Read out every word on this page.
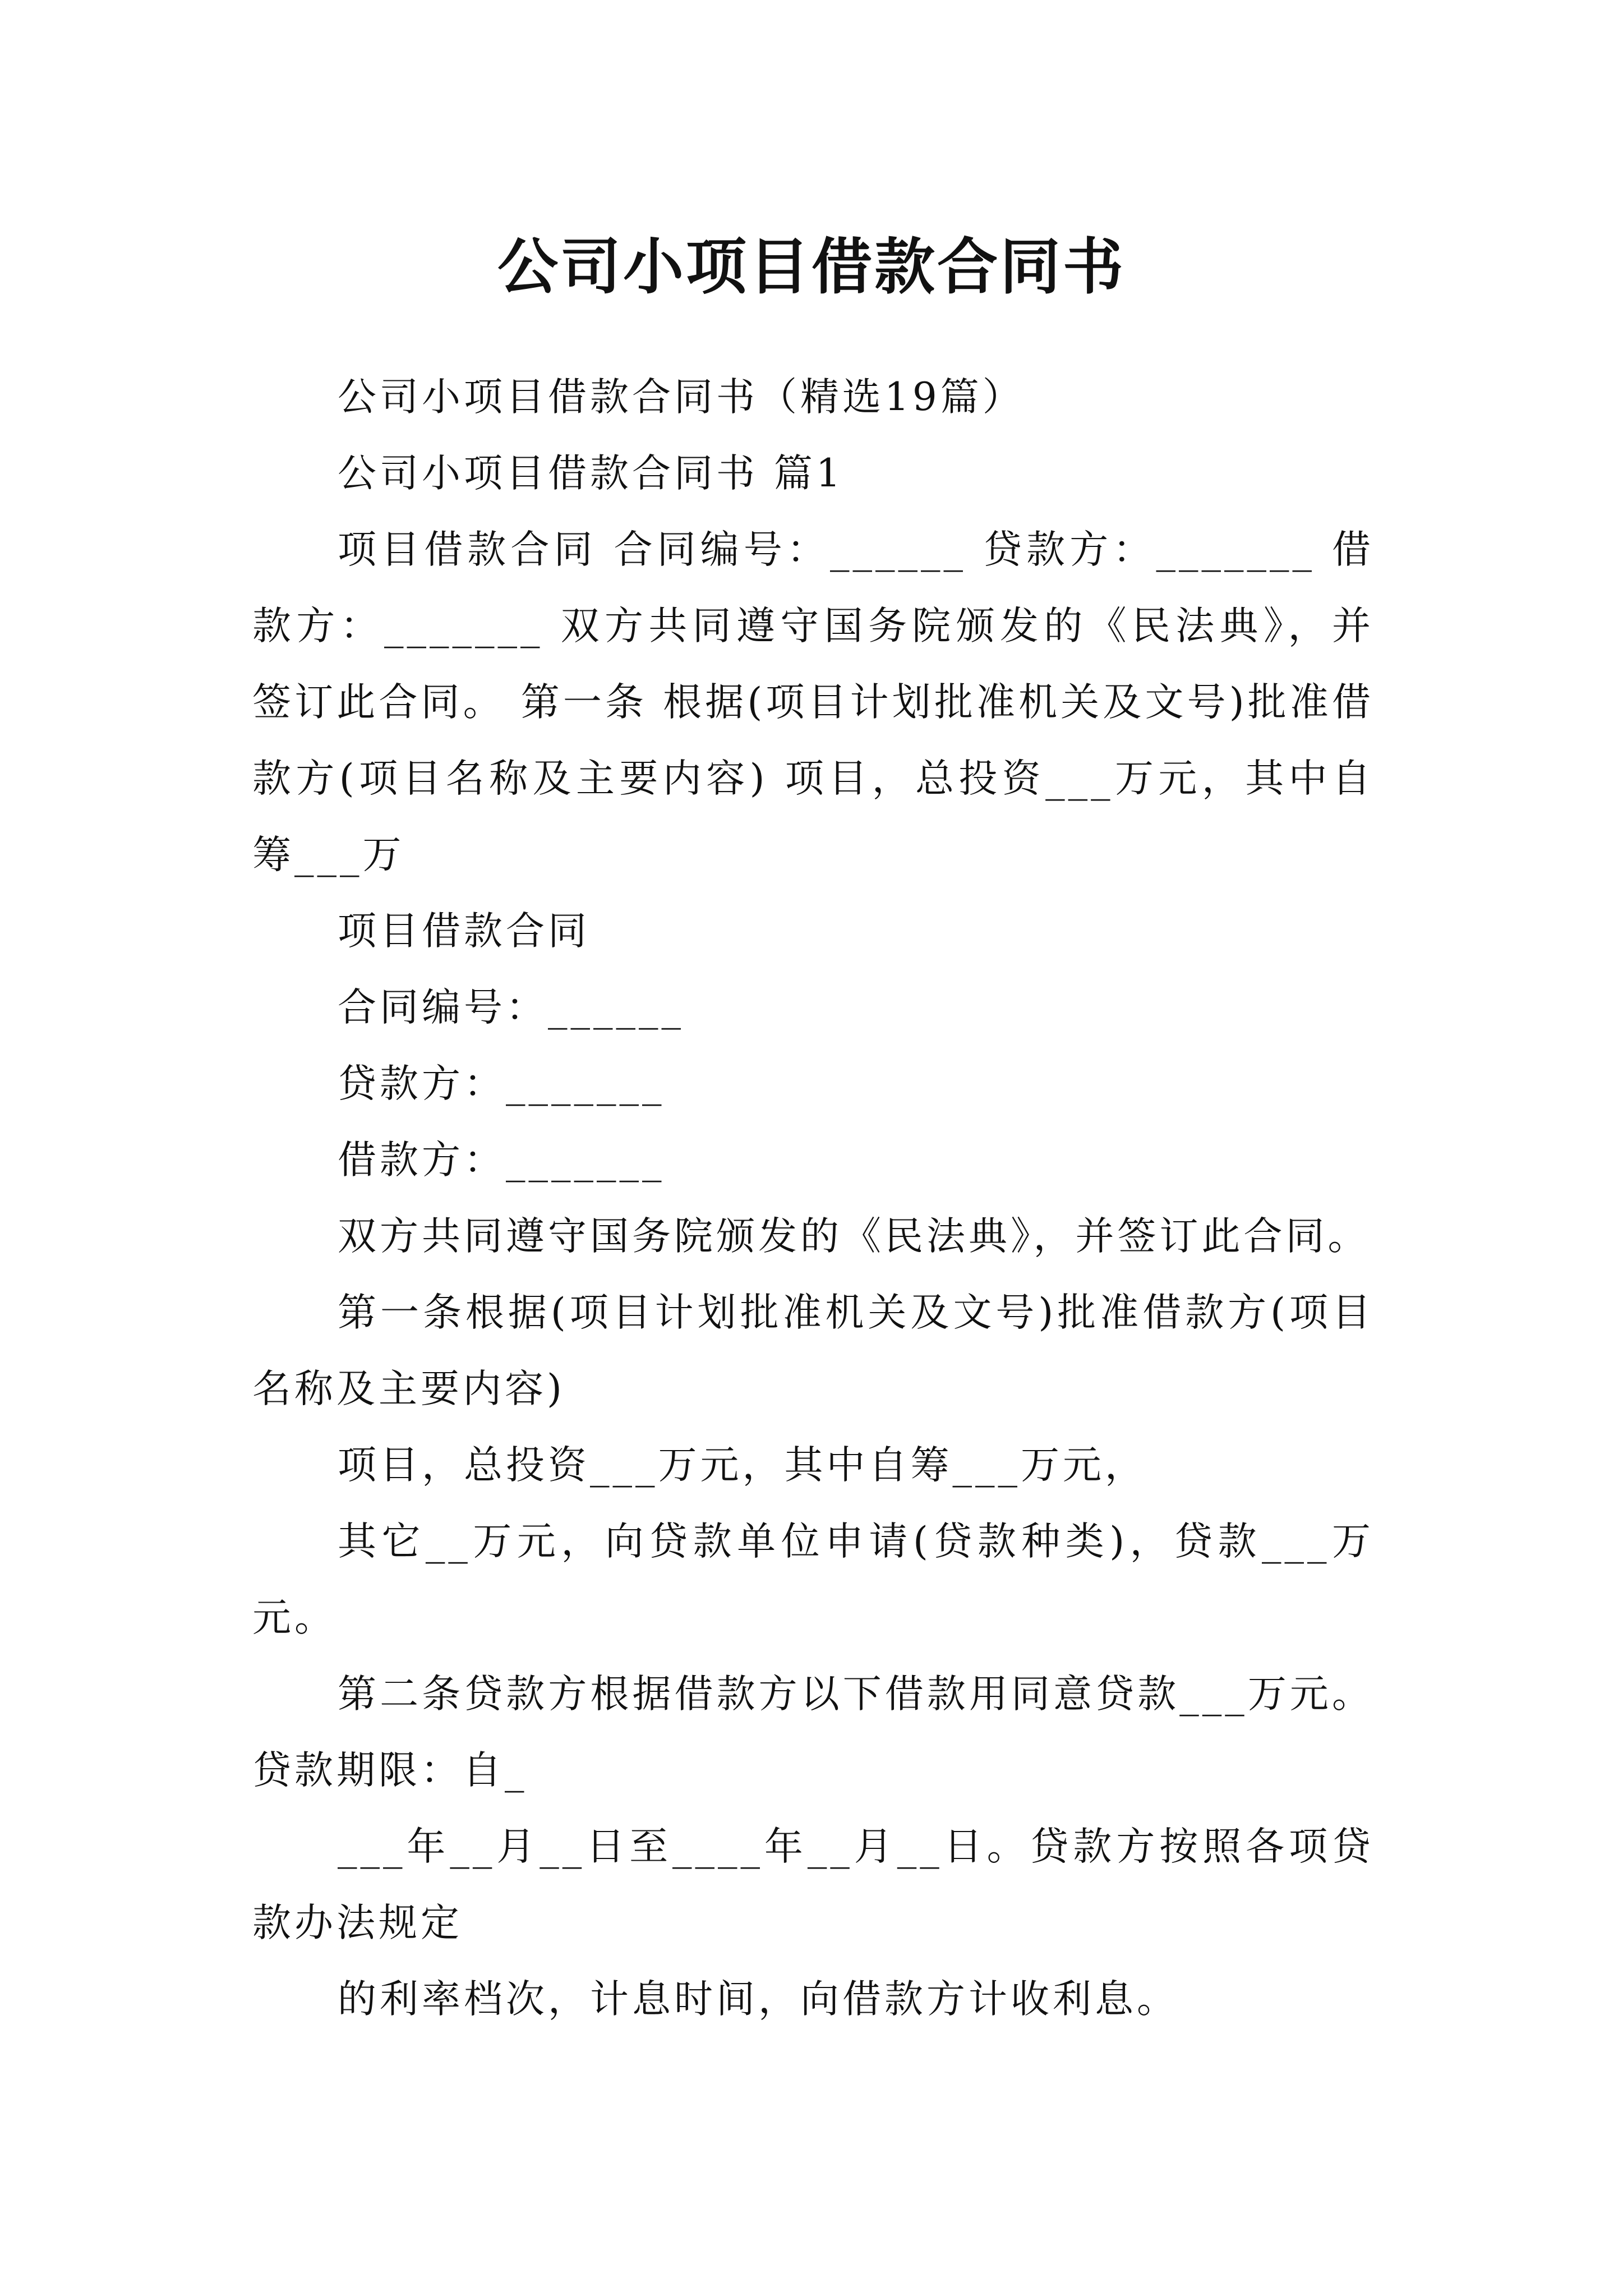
公司小项目借款合同书

公司小项目借款合同书（精选19篇）

公司小项目借款合同书 篇1

项目借款合同 合同编号：______ 贷款方：_______ 借款方：_______ 双方共同遵守国务院颁发的《民法典》，并签订此合同。 第一条 根据(项目计划批准机关及文号)批准借款方(项目名称及主要内容) 项目，总投资___万元，其中自筹___万

项目借款合同

合同编号：______

贷款方：_______

借款方：_______

双方共同遵守国务院颁发的《民法典》，并签订此合同。

第一条根据(项目计划批准机关及文号)批准借款方(项目名称及主要内容)

项目，总投资___万元，其中自筹___万元，

其它__万元，向贷款单位申请(贷款种类)，贷款___万元。

第二条贷款方根据借款方以下借款用同意贷款___万元。贷款期限：自_

___年__月__日至____年__月__日。贷款方按照各项贷款办法规定

的利率档次，计息时间，向借款方计收利息。
